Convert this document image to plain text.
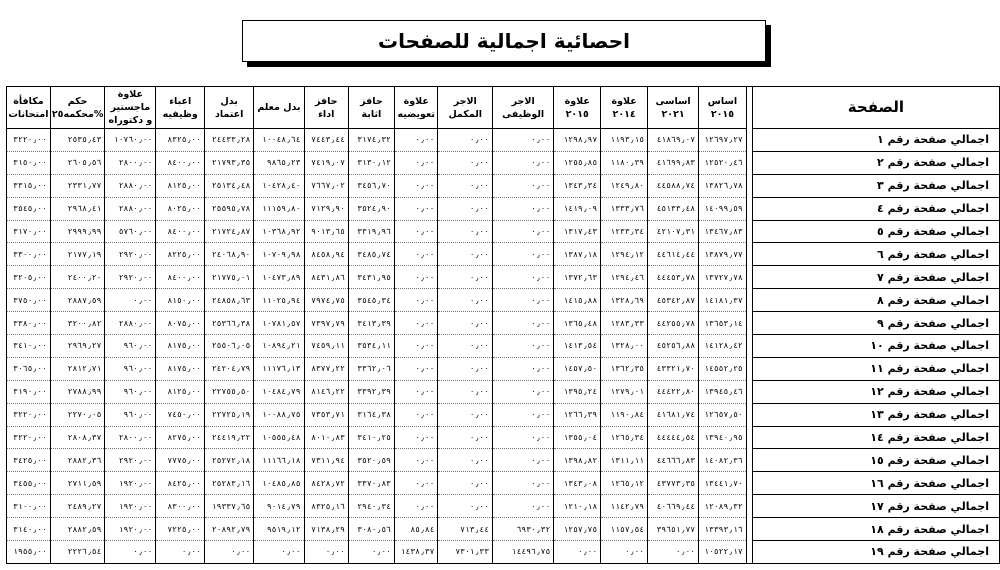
احصائية اجمالية للصفحات
مكافأة امتحانات	حكم محكمه٢٥%	علاوة ماجستير و دكتوراه	اعباء وظيفيه	بدل اعتماد	بدل معلم	حافز اداء	حافز اثابة	علاوة تعويضيه	الاجر المكمل	الاجر الوظيفى	علاوة ٢٠١٥	علاوة ٢٠١٤	اساسى ٢٠٢١	اساس ٢٠١٥		الصفحة
٣٢٢٠٫٠٠	٢٥٣٥٫٤٣	١٠٧٦٠٫٠٠	٨٣٢٥٫٠٠	٢٤٤٣٣٫٢٨	١٠٠٤٨٫٦٤	٧٤٤٣٫٤٤	٣١٧٤٫٣٢	٠٫٠٠	٠٫٠٠	٠٫٠٠	١٢٩٨٫٩٧	١١٩٣٫١٥	٤١٨٦٩٫٠٧	١٢٦٩٧٫٢٧		اجمالي صفحة رقم ١
٣١٥٠٫٠٠	٢٦٠٥٫٥٦	٢٨٠٠٫٠٠	٨٤٠٠٫٠٠	٢١٧٩٣٫٣٥	٩٨٦٥٫٢٣	٧٤١٩٫٠٧	٣١٣٠٫١٢	٠٫٠٠	٠٫٠٠	٠٫٠٠	١٢٥٥٫٨٥	١١٨٠٫٣٩	٤١٦٩٩٫٨٣	١٢٥٢٠٫٤٦		اجمالي صفحة رقم ٢
٣٣١٥٫٠٠	٢٣٣١٫٧٧	٢٨٨٠٫٠٠	٨١٢٥٫٠٠	٢٥١٣٤٫٤٨	١٠٤٢٨٫٤٠	٧٦٦٧٫٠٢	٣٤٥٦٫٧٠	٠٫٠٠	٠٫٠٠	٠٫٠٠	١٣٤٣٫٣٤	١٢٤٩٫٨٠	٤٤٥٨٨٫٧٤	١٣٨٢٦٫٧٨		اجمالي صفحة رقم ٣
٣٥٤٥٫٠٠	٢٩٦٨٫٤١	٢٨٨٠٫٠٠	٨٠٢٥٫٠٠	٢٥٥٩٥٫٧٨	١١١٥٩٫٨٠	٧١٢٩٫٩٠	٣٥٢٤٫٩٠	٠٫٠٠	٠٫٠٠	٠٫٠٠	١٤١٩٫٠٩	١٣٣٣٫٧٦	٤٥١٣٣٫٤٨	١٤٠٩٩٫٥٩		اجمالي صفحة رقم ٤
٣١٧٠٫٠٠	٢٩٩٩٫٩٩	٥٧٦٠٫٠٠	٨٤٠٠٫٠٠	٢١٧٢٤٫٨٧	١٠٣٦٨٫٩٢	٩٠١٣٫٦٥	٣٣١٩٫٩٦	٠٫٠٠	٠٫٠٠	٠٫٠٠	١٣١٧٫٤٣	١٢٣٣٫٣٤	٤٢١٠٧٫٣١	١٣٤٦٧٫٨٣		اجمالي صفحة رقم ٥
٣٣٠٠٫٠٠	٢١٧٧٫١٩	٢٩٢٠٫٠٠	٨٢٢٥٫٠٠	٢٤٠٦٨٫٩٠	١٠٧٠٩٫٩٨	٨٤٥٨٫٩٤	٣٤٨٥٫٧٤	٠٫٠٠	٠٫٠٠	٠٫٠٠	١٣٨٧٫١٨	١٢٩٤٫١٢	٤٤٦١٤٫٤٤	١٣٨٧٩٫٧٧		اجمالي صفحة رقم ٦
٣٢٠٥٫٠٠	٢٤٠٠٫٢٠	٢٩٢٠٫٠٠	٨٤٠٠٫٠٠	٢١٧٧٥٫٠١	١٠٤٧٣٫٨٩	٨٤٣١٫٨٦	٣٤٣١٫٩٥	٠٫٠٠	٠٫٠٠	٠٫٠٠	١٣٧٢٫٦٣	١٢٩٤٫٤٦	٤٤٤٥٣٫٧٨	١٣٧٢٧٫٧٨		اجمالي صفحة رقم ٧
٣٧٥٠٫٠٠	٢٨٨٧٫٥٩	٠٫٠٠	٨١٥٠٫٠٠	٢٤٨٥٨٫٦٣	١١٠٢٥٫٩٤	٧٩٧٤٫٧٥	٣٥٤٥٫٣٤	٠٫٠٠	٠٫٠٠	٠٫٠٠	١٤١٥٫٨٨	١٣٢٨٫٦٩	٤٥٣٤٢٫٨٧	١٤١٨١٫٣٧		اجمالي صفحة رقم ٨
٣٣٨٠٫٠٠	٣٢٠٠٫٨٢	٢٨٨٠٫٠٠	٨٠٧٥٫٠٠	٢٥٣٦٦٫٣٨	١٠٧٨١٫٥٧	٧٣٩٧٫٧٩	٣٤١٣٫٣٩	٠٫٠٠	٠٫٠٠	٠٫٠٠	١٣٦٥٫٤٨	١٢٨٣٫٣٣	٤٤٢٥٥٫٧٨	١٣٦٥٣٫١٤		اجمالي صفحة رقم ٩
٣٤١٠٫٠٠	٢٩٦٩٫٢٧	٩٦٠٫٠٠	٨١٧٥٫٠٠	٢٥٥٠٦٫٠٥	١٠٨٩٤٫٢١	٧٤٥٩٫١١	٣٥٣٤٫١١	٠٫٠٠	٠٫٠٠	٠٫٠٠	١٤١٣٫٥٤	١٣٢٨٫٠٠	٤٥٢٥٦٫٨٨	١٤١٢٨٫٤٢		اجمالي صفحة رقم ١٠
٣٠٦٥٫٠٠	٢٨١٢٫٧١	٩٦٠٫٠٠	٨١٧٥٫٠٠	٢٤٢٠٤٫٧٩	١١١٧٦٫١٣	٨٣٧٧٫٢٢	٣٣٦٢٫٠٦	٠٫٠٠	٠٫٠٠	٠٫٠٠	١٤٥٧٫٥٠	١٣٦٢٫٣٥	٤٣٣٢١٫٧٠	١٤٥٥٢٫٢٥		اجمالي صفحة رقم ١١
٣١٩٠٫٠٠	٢٧٨٨٫٩٩	٩٦٠٫٠٠	٨١٢٥٫٠٠	٢٢٧٥٥٫٥٠	١٠٤٨٤٫٧٩	٨١٤٦٫٢٢	٣٣٩٢٫٣٩	٠٫٠٠	٠٫٠٠	٠٫٠٠	١٣٩٥٫٢٤	١٢٧٩٫٠١	٤٤٤٢٢٫٨٠	١٣٩٤٥٫٤٦		اجمالي صفحة رقم ١٢
٣٢٢٠٫٠٠	٢٢٧٠٫٠٥	٩٦٠٫٠٠	٧٤٥٠٫٠٠	٢٢٧٢٥٫١٩	١٠٠٨٨٫٧٥	٧٣٥٣٫٧١	٣١٦٤٫٣٨	٠٫٠٠	٠٫٠٠	٠٫٠٠	١٢٦٦٫٣٩	١١٩٠٫٨٤	٤١٦٨١٫٧٤	١٢٦٥٧٫٥٠		اجمالي صفحة رقم ١٣
٣٢٢٠٫٠٠	٢٨٠٨٫٣٧	٢٨٠٠٫٠٠	٨٢٧٥٫٠٠	٢٤٤١٩٫٢٢	١٠٥٥٥٫٤٨	٨٠١٠٫٨٣	٣٤١٠٫٢٥	٠٫٠٠	٠٫٠٠	٠٫٠٠	١٣٥٥٫٠٤	١٢٦٥٫٣٤	٤٤٤٤٤٫٥٤	١٣٩٤٠٫٩٥		اجمالي صفحة رقم ١٤
٣٤٢٥٫٠٠	٢٨٨٢٫٣٦	٢٩٢٠٫٠٠	٧٧٧٥٫٠٠	٢٥٢٧٢٫١٨	١١١٦٦٫١٨	٧٣١١٫٩٤	٣٥٢٠٫٥٩	٠٫٠٠	٠٫٠٠	٠٫٠٠	١٣٩٨٫٨٢	١٣١١٫١١	٤٤٦٦٦٫٨٣	١٤٠٨٢٫٣٦		اجمالي صفحة رقم ١٥
٣٤٥٥٫٠٠	٢٧١١٫٥٩	١٩٢٠٫٠٠	٨٤٢٥٫٠٠	٢٥٢٨٣٫١٦	١٠٤٨٥٫٨٥	٨٤٢٨٫٧٢	٣٣٧٠٫٨٣	٠٫٠٠	٠٫٠٠	٠٫٠٠	١٣٤٣٫٠٨	١٢٦٥٫١٢	٤٣٧٧٣٫٣٥	١٣٤٤١٫٧٠		اجمالي صفحة رقم ١٦
٣١٠٠٫٠٠	٢٤٨٩٫٢٧	١٩٢٠٫٠٠	٨٣٠٠٫٠٠	١٩٣٣٧٫٦٥	٩٠١٤٫٧٩	٨٣٢٥٫١٦	٢٩٤٠٫٣٤	٠٫٠٠	٠٫٠٠	٠٫٠٠	١٢١٠٫١٨	١١٤٢٫٧٩	٤٠٦٦٩٫٤٤	١٢٠٨٩٫٣٢		اجمالي صفحة رقم ١٧
٣١٤٠٫٠٠	٢٨٨٢٫٥٩	١٩٢٠٫٠٠	٧٢٢٥٫٠٠	٢٠٨٩٢٫٧٩	٩٥١٩٫١٢	٧١٣٨٫٢٩	٣٠٨٠٫٥٦	٨٥٫٨٤	٧١٣٫٤٤	٦٩٣٠٫٣٢	١٢٥٧٫٧٥	١١٥٧٫٥٤	٣٩٦٥١٫٧٧	١٣٣٩٣٫١٦		اجمالي صفحة رقم ١٨
١٩٥٥٫٠٠	٢٢٢٦٫٥٤	٠٫٠٠	٠٫٠٠	٠٫٠٠	٠٫٠٠	٠٫٠٠	٠٫٠٠	١٤٣٨٫٣٧	٧٣٠١٫٣٣	١٤٤٩٦٫٧٥	٠٫٠٠	٠٫٠٠	٠٫٠٠	١٠٥٢٢٫١٧		اجمالي صفحة رقم ١٩
